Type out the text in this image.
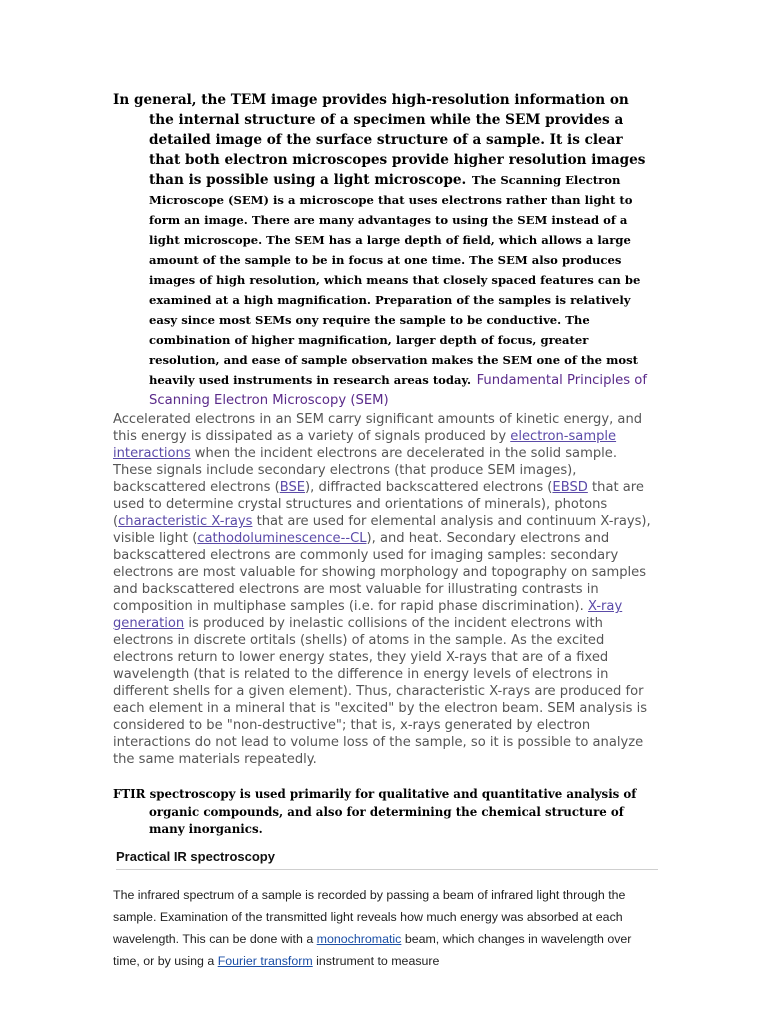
In general, the TEM image provides high-resolution information on the internal structure of a specimen while the SEM provides a detailed image of the surface structure of a sample. It is clear that both electron microscopes provide higher resolution images than is possible using a light microscope. The Scanning Electron Microscope (SEM) is a microscope that uses electrons rather than light to form an image. There are many advantages to using the SEM instead of a light microscope. The SEM has a large depth of field, which allows a large amount of the sample to be in focus at one time. The SEM also produces images of high resolution, which means that closely spaced features can be examined at a high magnification. Preparation of the samples is relatively easy since most SEMs ony require the sample to be conductive. The combination of higher magnification, larger depth of focus, greater resolution, and ease of sample observation makes the SEM one of the most heavily used instruments in research areas today. Fundamental Principles of Scanning Electron Microscopy (SEM)

Accelerated electrons in an SEM carry significant amounts of kinetic energy, and this energy is dissipated as a variety of signals produced by electron-sample interactions when the incident electrons are decelerated in the solid sample. These signals include secondary electrons (that produce SEM images), backscattered electrons (BSE), diffracted backscattered electrons (EBSD that are used to determine crystal structures and orientations of minerals), photons (characteristic X-rays that are used for elemental analysis and continuum X-rays), visible light (cathodoluminescence--CL), and heat. Secondary electrons and backscattered electrons are commonly used for imaging samples: secondary electrons are most valuable for showing morphology and topography on samples and backscattered electrons are most valuable for illustrating contrasts in composition in multiphase samples (i.e. for rapid phase discrimination). X-ray generation is produced by inelastic collisions of the incident electrons with electrons in discrete ortitals (shells) of atoms in the sample. As the excited electrons return to lower energy states, they yield X-rays that are of a fixed wavelength (that is related to the difference in energy levels of electrons in different shells for a given element). Thus, characteristic X-rays are produced for each element in a mineral that is "excited" by the electron beam. SEM analysis is considered to be "non-destructive"; that is, x-rays generated by electron interactions do not lead to volume loss of the sample, so it is possible to analyze the same materials repeatedly.

FTIR spectroscopy is used primarily for qualitative and quantitative analysis of organic compounds, and also for determining the chemical structure of many inorganics.

Practical IR spectroscopy

The infrared spectrum of a sample is recorded by passing a beam of infrared light through the sample. Examination of the transmitted light reveals how much energy was absorbed at each wavelength. This can be done with a monochromatic beam, which changes in wavelength over time, or by using a Fourier transform instrument to measure
